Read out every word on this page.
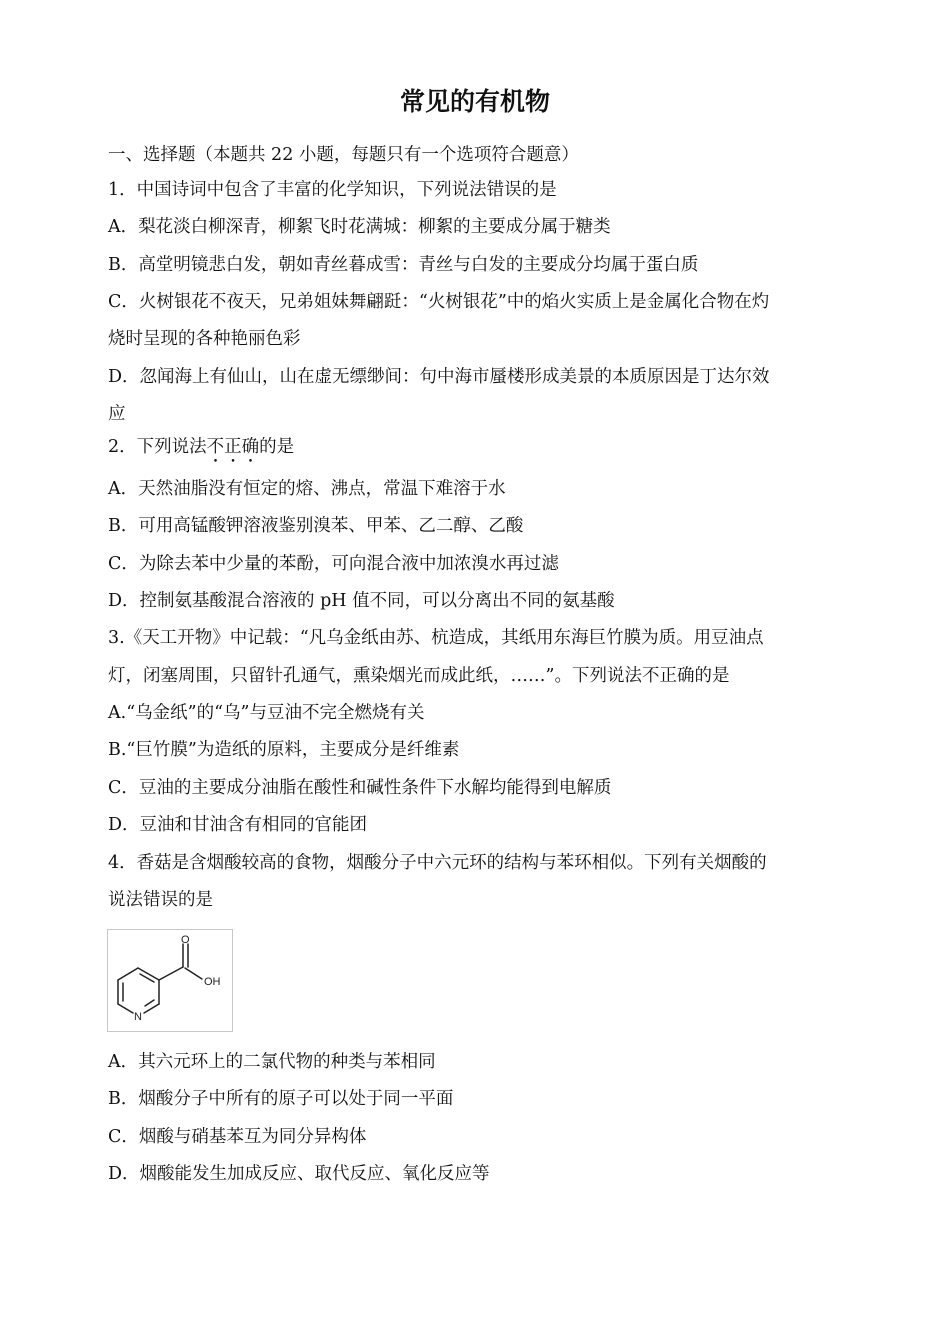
常见的有机物
一、选择题（本题共 22 小题，每题只有一个选项符合题意）
1．中国诗词中包含了丰富的化学知识，下列说法错误的是
A．梨花淡白柳深青，柳絮飞时花满城：柳絮的主要成分属于糖类
B．高堂明镜悲白发，朝如青丝暮成雪：青丝与白发的主要成分均属于蛋白质
C．火树银花不夜天，兄弟姐妹舞翩跹：“火树银花”中的焰火实质上是金属化合物在灼
烧时呈现的各种艳丽色彩
D．忽闻海上有仙山，山在虚无缥缈间：句中海市蜃楼形成美景的本质原因是丁达尔效
应
2．下列说法不正确的是
A．天然油脂没有恒定的熔、沸点，常温下难溶于水
B．可用高锰酸钾溶液鉴别溴苯、甲苯、乙二醇、乙酸
C．为除去苯中少量的苯酚，可向混合液中加浓溴水再过滤
D．控制氨基酸混合溶液的 pH 值不同，可以分离出不同的氨基酸
3.《天工开物》中记载：“凡乌金纸由苏、杭造成，其纸用东海巨竹膜为质。用豆油点
灯，闭塞周围，只留针孔通气，熏染烟光而成此纸，……”。下列说法不正确的是
A.“乌金纸”的“乌”与豆油不完全燃烧有关
B.“巨竹膜”为造纸的原料，主要成分是纤维素
C．豆油的主要成分油脂在酸性和碱性条件下水解均能得到电解质
D．豆油和甘油含有相同的官能团
4．香菇是含烟酸较高的食物，烟酸分子中六元环的结构与苯环相似。下列有关烟酸的
说法错误的是
O
OH
N
A．其六元环上的二氯代物的种类与苯相同
B．烟酸分子中所有的原子可以处于同一平面
C．烟酸与硝基苯互为同分异构体
D．烟酸能发生加成反应、取代反应、氧化反应等
